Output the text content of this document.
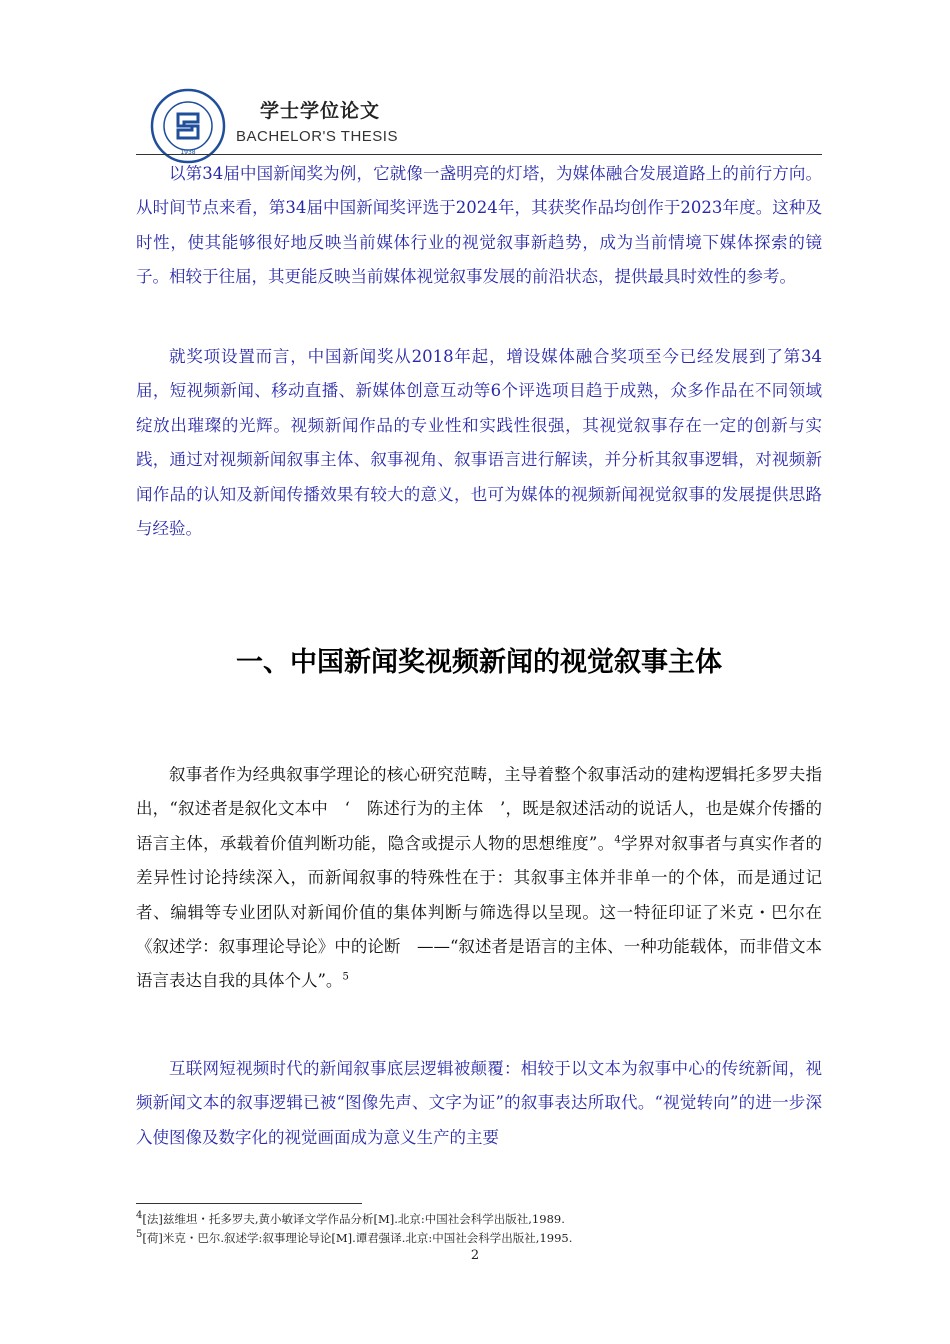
1938
学士学位论文
BACHELOR'S THESIS

以第34届中国新闻奖为例，它就像一盏明亮的灯塔，为媒体融合发展道路上的前行方向。从时间节点来看，第34届中国新闻奖评选于2024年，其获奖作品均创作于2023年度。这种及时性，使其能够很好地反映当前媒体行业的视觉叙事新趋势，成为当前情境下媒体探索的镜子。相较于往届，其更能反映当前媒体视觉叙事发展的前沿状态，提供最具时效性的参考。

就奖项设置而言，中国新闻奖从2018年起，增设媒体融合奖项至今已经发展到了第34届，短视频新闻、移动直播、新媒体创意互动等6个评选项目趋于成熟，众多作品在不同领域绽放出璀璨的光辉。视频新闻作品的专业性和实践性很强，其视觉叙事存在一定的创新与实践，通过对视频新闻叙事主体、叙事视角、叙事语言进行解读，并分析其叙事逻辑，对视频新闻作品的认知及新闻传播效果有较大的意义，也可为媒体的视频新闻视觉叙事的发展提供思路与经验。

一、中国新闻奖视频新闻的视觉叙事主体

叙事者作为经典叙事学理论的核心研究范畴，主导着整个叙事活动的建构逻辑托多罗夫指出，“叙述者是叙化文本中　‘　陈述行为的主体　’，既是叙述活动的说话人，也是媒介传播的语言主体，承载着价值判断功能，隐含或提示人物的思想维度”。$^4$学界对叙事者与真实作者的差异性讨论持续深入，而新闻叙事的特殊性在于：其叙事主体并非单一的个体，而是通过记者、编辑等专业团队对新闻价值的集体判断与筛选得以呈现。这一特征印证了米克・巴尔在《叙述学：叙事理论导论》中的论断　——“叙述者是语言的主体、一种功能载体，而非借文本语言表达自我的具体个人”。$^5$

互联网短视频时代的新闻叙事底层逻辑被颠覆：相较于以文本为叙事中心的传统新闻，视频新闻文本的叙事逻辑已被“图像先声、文字为证”的叙事表达所取代。“视觉转向”的进一步深入使图像及数字化的视觉画面成为意义生产的主要

$^4$[法]兹维坦・托多罗夫,黄小敏译文学作品分析[M].北京:中国社会科学出版社,1989.
$^5$[荷]米克・巴尔.叙述学:叙事理论导论[M].谭君强译.北京:中国社会科学出版社,1995.
2
